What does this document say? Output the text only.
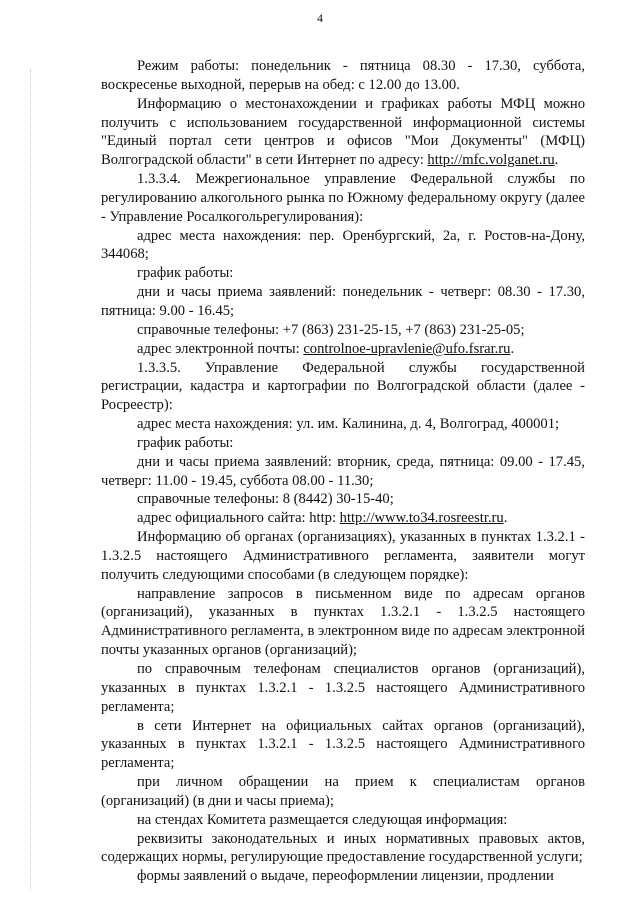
4

Режим работы: понедельник - пятница 08.30 - 17.30, суббота, воскресенье выходной, перерыв на обед: с 12.00 до 13.00.

Информацию о местонахождении и графиках работы МФЦ можно получить с использованием государственной информационной системы "Единый портал сети центров и офисов "Мои Документы" (МФЦ) Волгоградской области" в сети Интернет по адресу: http://mfc.volganet.ru.

1.3.3.4. Межрегиональное управление Федеральной службы по регулированию алкогольного рынка по Южному федеральному округу (далее - Управление Росалкогольрегулирования):

адрес места нахождения: пер. Оренбургский, 2а, г. Ростов-на-Дону, 344068;

график работы:

дни и часы приема заявлений: понедельник - четверг: 08.30 - 17.30, пятница: 9.00 - 16.45;

справочные телефоны: +7 (863) 231-25-15, +7 (863) 231-25-05;

адрес электронной почты: controlnoe-upravlenie@ufo.fsrar.ru.

1.3.3.5. Управление Федеральной службы государственной регистрации, кадастра и картографии по Волгоградской области (далее - Росреестр):

адрес места нахождения: ул. им. Калинина, д. 4, Волгоград, 400001;

график работы:

дни и часы приема заявлений: вторник, среда, пятница: 09.00 - 17.45, четверг: 11.00 - 19.45, суббота 08.00 - 11.30;

справочные телефоны: 8 (8442) 30-15-40;

адрес официального сайта: http: http://www.to34.rosreestr.ru.

Информацию об органах (организациях), указанных в пунктах 1.3.2.1 - 1.3.2.5 настоящего Административного регламента, заявители могут получить следующими способами (в следующем порядке):

направление запросов в письменном виде по адресам органов (организаций), указанных в пунктах 1.3.2.1 - 1.3.2.5 настоящего Административного регламента, в электронном виде по адресам электронной почты указанных органов (организаций);

по справочным телефонам специалистов органов (организаций), указанных в пунктах 1.3.2.1 - 1.3.2.5 настоящего Административного регламента;

в сети Интернет на официальных сайтах органов (организаций), указанных в пунктах 1.3.2.1 - 1.3.2.5 настоящего Административного регламента;

при личном обращении на прием к специалистам органов (организаций) (в дни и часы приема);

на стендах Комитета размещается следующая информация:

реквизиты законодательных и иных нормативных правовых актов, содержащих нормы, регулирующие предоставление государственной услуги;

формы заявлений о выдаче, переоформлении лицензии, продлении
